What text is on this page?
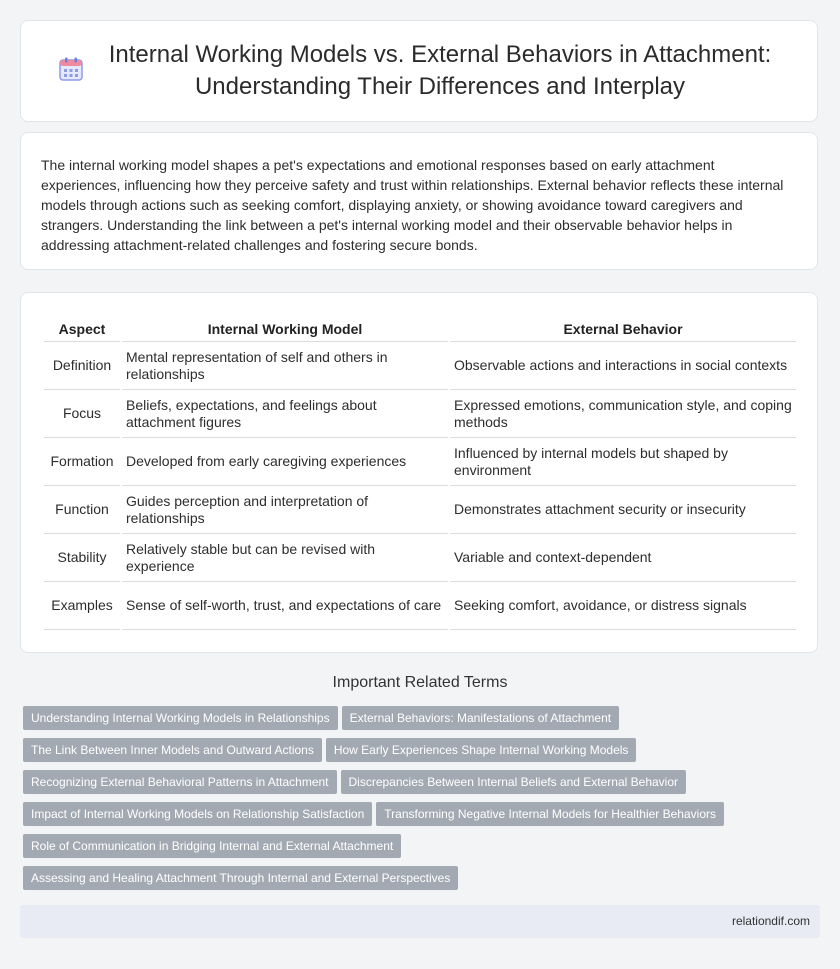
Internal Working Models vs. External Behaviors in Attachment: Understanding Their Differences and Interplay

The internal working model shapes a pet's expectations and emotional responses based on early attachment experiences, influencing how they perceive safety and trust within relationships. External behavior reflects these internal models through actions such as seeking comfort, displaying anxiety, or showing avoidance toward caregivers and strangers. Understanding the link between a pet's internal working model and their observable behavior helps in addressing attachment-related challenges and fostering secure bonds.

Aspect	Internal Working Model	External Behavior
Definition	Mental representation of self and others in relationships	Observable actions and interactions in social contexts
Focus	Beliefs, expectations, and feelings about attachment figures	Expressed emotions, communication style, and coping methods
Formation	Developed from early caregiving experiences	Influenced by internal models but shaped by environment
Function	Guides perception and interpretation of relationships	Demonstrates attachment security or insecurity
Stability	Relatively stable but can be revised with experience	Variable and context-dependent
Examples	Sense of self-worth, trust, and expectations of care	Seeking comfort, avoidance, or distress signals
Important Related Terms
Understanding Internal Working Models in Relationships External Behaviors: Manifestations of Attachment
The Link Between Inner Models and Outward Actions How Early Experiences Shape Internal Working Models
Recognizing External Behavioral Patterns in Attachment Discrepancies Between Internal Beliefs and External Behavior
Impact of Internal Working Models on Relationship Satisfaction Transforming Negative Internal Models for Healthier Behaviors
Role of Communication in Bridging Internal and External Attachment
Assessing and Healing Attachment Through Internal and External Perspectives
relationdif.com
